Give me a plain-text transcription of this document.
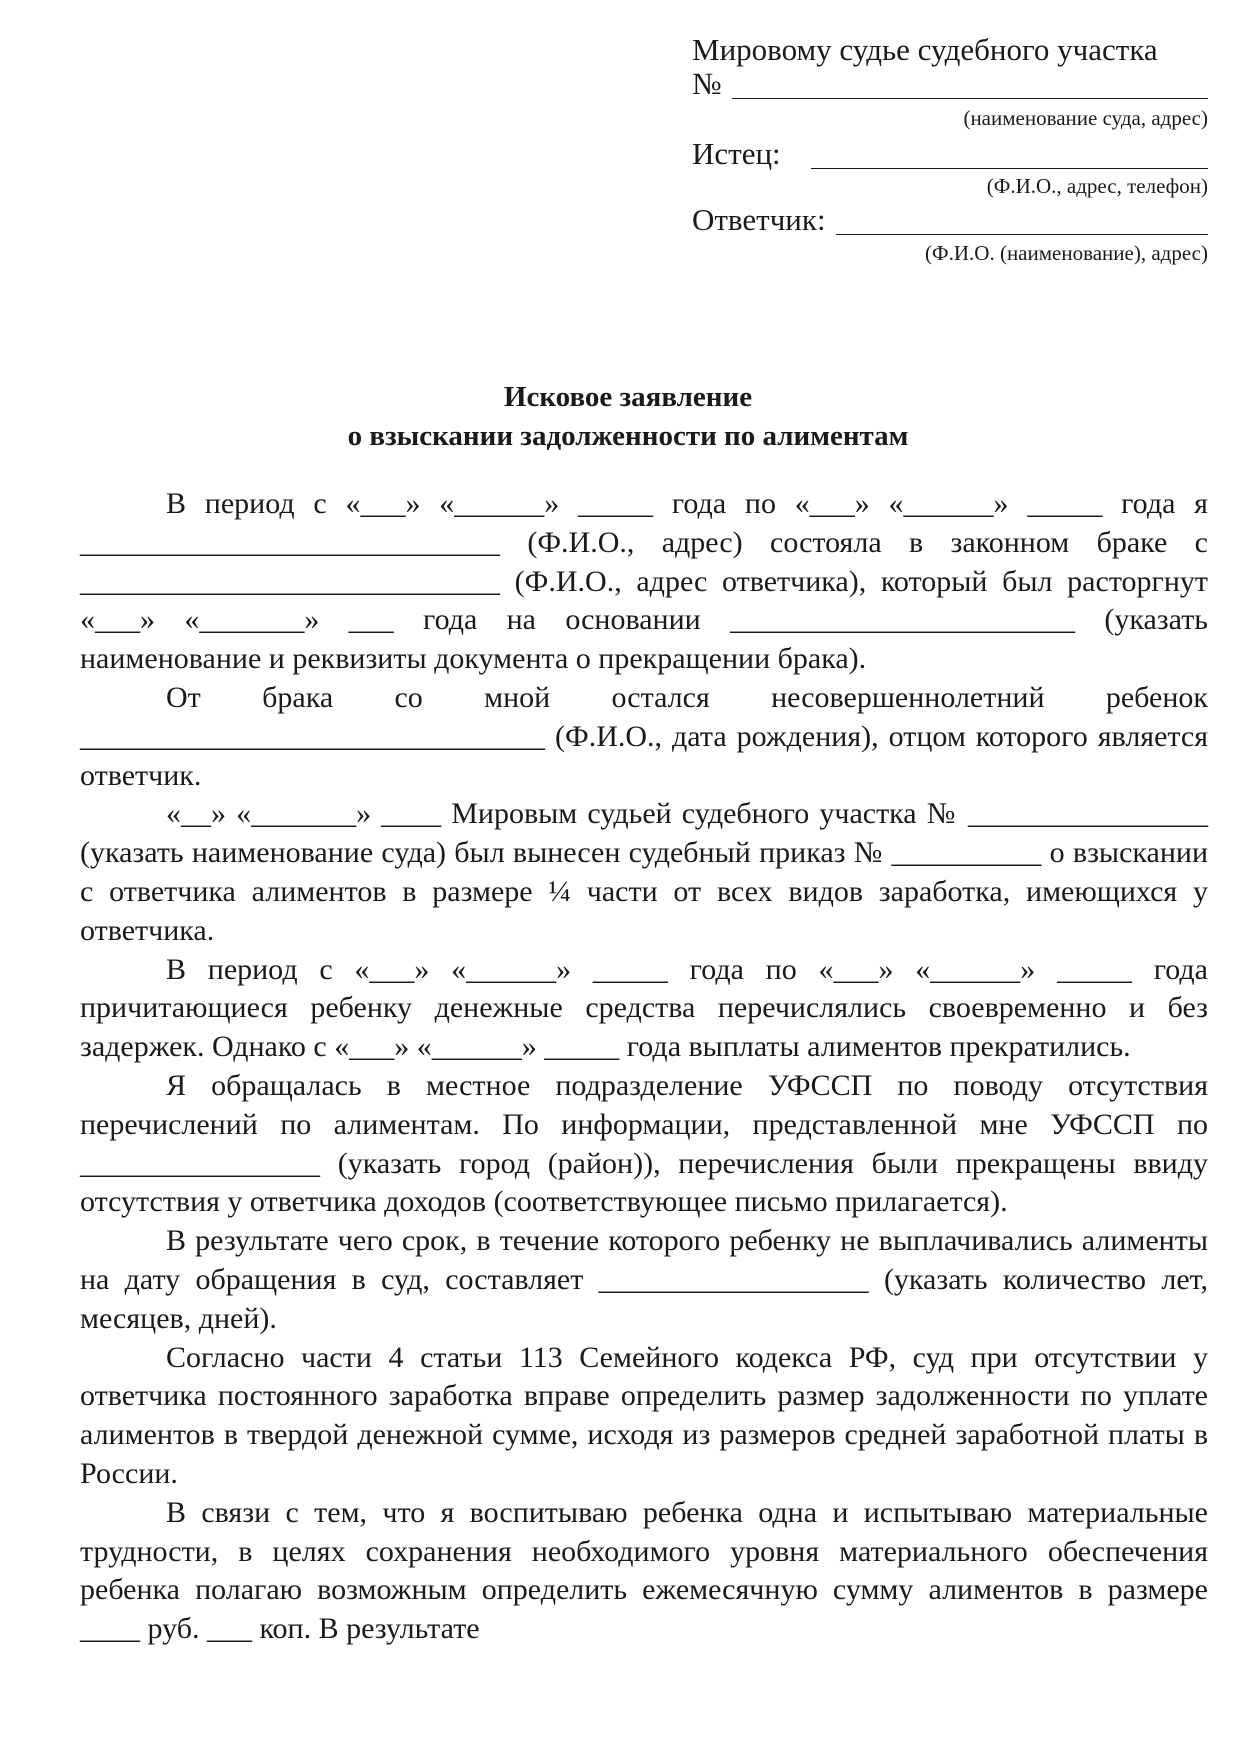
Мировому судье судебного участка
№
(наименование суда, адрес)
Истец:
(Ф.И.О., адрес, телефон)
Ответчик:
(Ф.И.О. (наименование), адрес)
Исковое заявление
о взыскании задолженности по алиментам

В период с «___» «______» _____ года по «___» «______» _____ года я ____________________________ (Ф.И.О., адрес) состояла в законном браке с ____________________________ (Ф.И.О., адрес ответчика), который был расторгнут «___» «_______» ___ года на основании _______________________ (указать наименование и реквизиты документа о прекращении брака).

От брака со мной остался несовершеннолетний ребенок _______________________________ (Ф.И.О., дата рождения), отцом которого является ответчик.

«__» «_______» ____ Мировым судьей судебного участка № ________________ (указать наименование суда) был вынесен судебный приказ № __________ о взыскании с ответчика алиментов в размере ¼ части от всех видов заработка, имеющихся у ответчика.

В период с «___» «______» _____ года по «___» «______» _____ года причитающиеся ребенку денежные средства перечислялись своевременно и без задержек. Однако с «___» «______» _____ года выплаты алиментов прекратились.

Я обращалась в местное подразделение УФССП по поводу отсутствия перечислений по алиментам. По информации, представленной мне УФССП по ________________ (указать город (район)), перечисления были прекращены ввиду отсутствия у ответчика доходов (соответствующее письмо прилагается).

В результате чего срок, в течение которого ребенку не выплачивались алименты на дату обращения в суд, составляет __________________ (указать количество лет, месяцев, дней).

Согласно части 4 статьи 113 Семейного кодекса РФ, суд при отсутствии у ответчика постоянного заработка вправе определить размер задолженности по уплате алиментов в твердой денежной сумме, исходя из размеров средней заработной платы в России.

В связи с тем, что я воспитываю ребенка одна и испытываю материальные трудности, в целях сохранения необходимого уровня материального обеспечения ребенка полагаю возможным определить ежемесячную сумму алиментов в размере ____ руб. ___ коп. В результате
